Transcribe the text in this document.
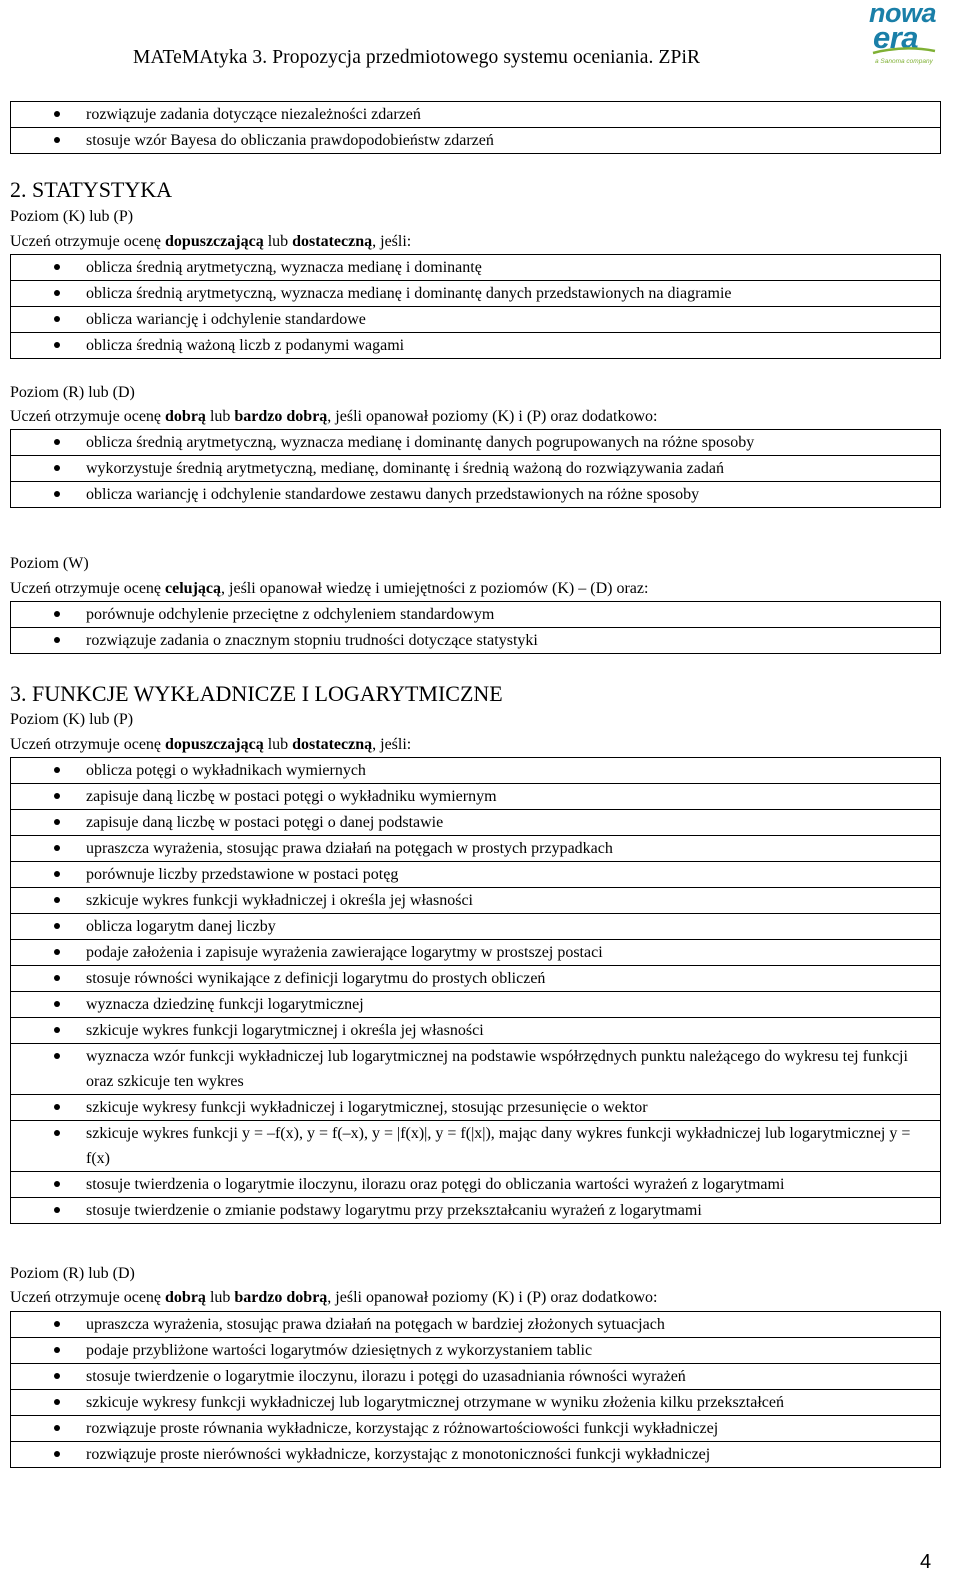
MATeMAtyka 3. Propozycja przedmiotowego systemu oceniania. ZPiR
nowa
era
a Sanoma company
rozwiązuje zadania dotyczące niezależności zdarzeń
stosuje wzór Bayesa do obliczania prawdopodobieństw zdarzeń
2. STATYSTYKA
Poziom (K) lub (P)
Uczeń otrzymuje ocenę dopuszczającą lub dostateczną, jeśli:
oblicza średnią arytmetyczną, wyznacza medianę i dominantę
oblicza średnią arytmetyczną, wyznacza medianę i dominantę danych przedstawionych na diagramie
oblicza wariancję i odchylenie standardowe
oblicza średnią ważoną liczb z podanymi wagami
Poziom (R) lub (D)
Uczeń otrzymuje ocenę dobrą lub bardzo dobrą, jeśli opanował poziomy (K) i (P) oraz dodatkowo:
oblicza średnią arytmetyczną, wyznacza medianę i dominantę danych pogrupowanych na różne sposoby
wykorzystuje średnią arytmetyczną, medianę, dominantę i średnią ważoną do rozwiązywania zadań
oblicza wariancję i odchylenie standardowe zestawu danych przedstawionych na różne sposoby
Poziom (W)
Uczeń otrzymuje ocenę celującą, jeśli opanował wiedzę i umiejętności z poziomów (K) – (D) oraz:
porównuje odchylenie przeciętne z odchyleniem standardowym
rozwiązuje zadania o znacznym stopniu trudności dotyczące statystyki
3. FUNKCJE WYKŁADNICZE I LOGARYTMICZNE
Poziom (K) lub (P)
Uczeń otrzymuje ocenę dopuszczającą lub dostateczną, jeśli:
oblicza potęgi o wykładnikach wymiernych
zapisuje daną liczbę w postaci potęgi o wykładniku wymiernym
zapisuje daną liczbę w postaci potęgi o danej podstawie
upraszcza wyrażenia, stosując prawa działań na potęgach w prostych przypadkach
porównuje liczby przedstawione w postaci potęg
szkicuje wykres funkcji wykładniczej i określa jej własności
oblicza logarytm danej liczby
podaje założenia i zapisuje wyrażenia zawierające logarytmy w prostszej postaci
stosuje równości wynikające z definicji logarytmu do prostych obliczeń
wyznacza dziedzinę funkcji logarytmicznej
szkicuje wykres funkcji logarytmicznej i określa jej własności
wyznacza wzór funkcji wykładniczej lub logarytmicznej na podstawie współrzędnych punktu należącego do wykresu tej funkcji oraz szkicuje ten wykres
szkicuje wykresy funkcji wykładniczej i logarytmicznej, stosując przesunięcie o wektor
szkicuje wykres funkcji y = –f(x), y = f(–x), y = |f(x)|, y = f(|x|), mając dany wykres funkcji wykładniczej lub logarytmicznej y = f(x)
stosuje twierdzenia o logarytmie iloczynu, ilorazu oraz potęgi do obliczania wartości wyrażeń z logarytmami
stosuje twierdzenie o zmianie podstawy logarytmu przy przekształcaniu wyrażeń z logarytmami
Poziom (R) lub (D)
Uczeń otrzymuje ocenę dobrą lub bardzo dobrą, jeśli opanował poziomy (K) i (P) oraz dodatkowo:
upraszcza wyrażenia, stosując prawa działań na potęgach w bardziej złożonych sytuacjach
podaje przybliżone wartości logarytmów dziesiętnych z wykorzystaniem tablic
stosuje twierdzenie o logarytmie iloczynu, ilorazu i potęgi do uzasadniania równości wyrażeń
szkicuje wykresy funkcji wykładniczej lub logarytmicznej otrzymane w wyniku złożenia kilku przekształceń
rozwiązuje proste równania wykładnicze, korzystając z różnowartościowości funkcji wykładniczej
rozwiązuje proste nierówności wykładnicze, korzystając z monotoniczności funkcji wykładniczej
4
